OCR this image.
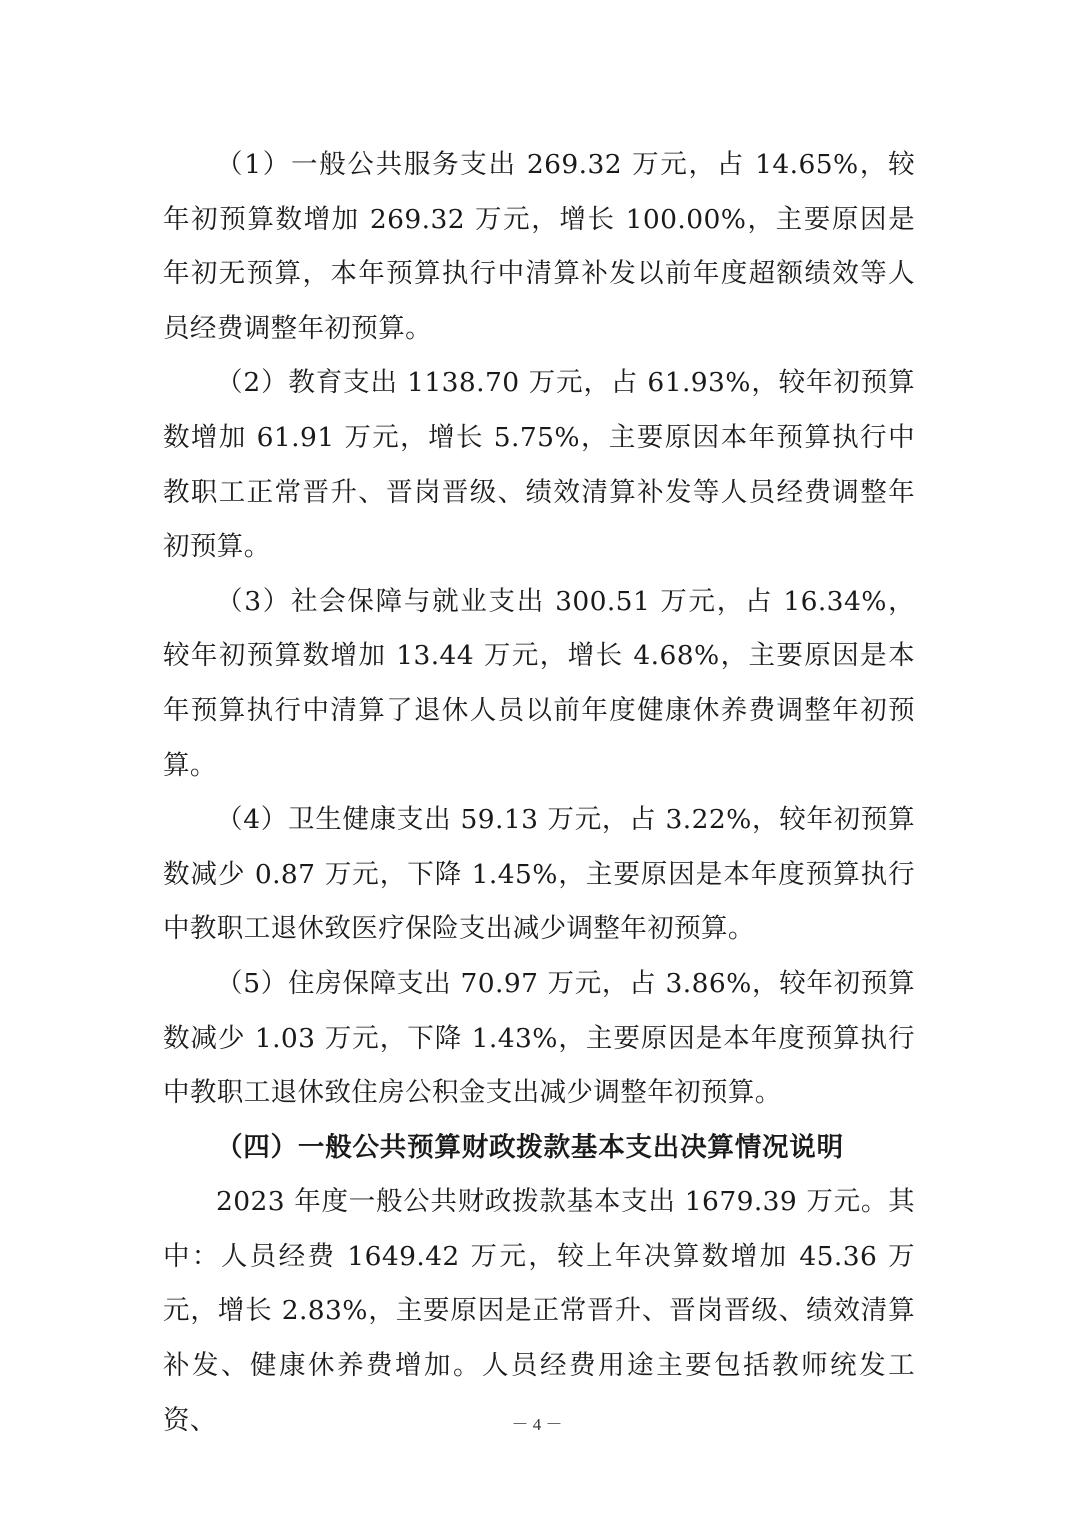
（1）一般公共服务支出 269.32 万元，占 14.65%，较年初预算数增加 269.32 万元，增长 100.00%，主要原因是年初无预算，本年预算执行中清算补发以前年度超额绩效等人员经费调整年初预算。

（2）教育支出 1138.70 万元，占 61.93%，较年初预算数增加 61.91 万元，增长 5.75%，主要原因本年预算执行中教职工正常晋升、晋岗晋级、绩效清算补发等人员经费调整年初预算。

（3）社会保障与就业支出 300.51 万元，占 16.34%，较年初预算数增加 13.44 万元，增长 4.68%，主要原因是本年预算执行中清算了退休人员以前年度健康休养费调整年初预算。

（4）卫生健康支出 59.13 万元，占 3.22%，较年初预算数减少 0.87 万元，下降 1.45%，主要原因是本年度预算执行中教职工退休致医疗保险支出减少调整年初预算。

（5）住房保障支出 70.97 万元，占 3.86%，较年初预算数减少 1.03 万元，下降 1.43%，主要原因是本年度预算执行中教职工退休致住房公积金支出减少调整年初预算。

（四）一般公共预算财政拨款基本支出决算情况说明

2023 年度一般公共财政拨款基本支出 1679.39 万元。其中：人员经费 1649.42 万元，较上年决算数增加 45.36 万元，增长 2.83%，主要原因是正常晋升、晋岗晋级、绩效清算补发、健康休养费增加。人员经费用途主要包括教师统发工资、	－ 4 －
